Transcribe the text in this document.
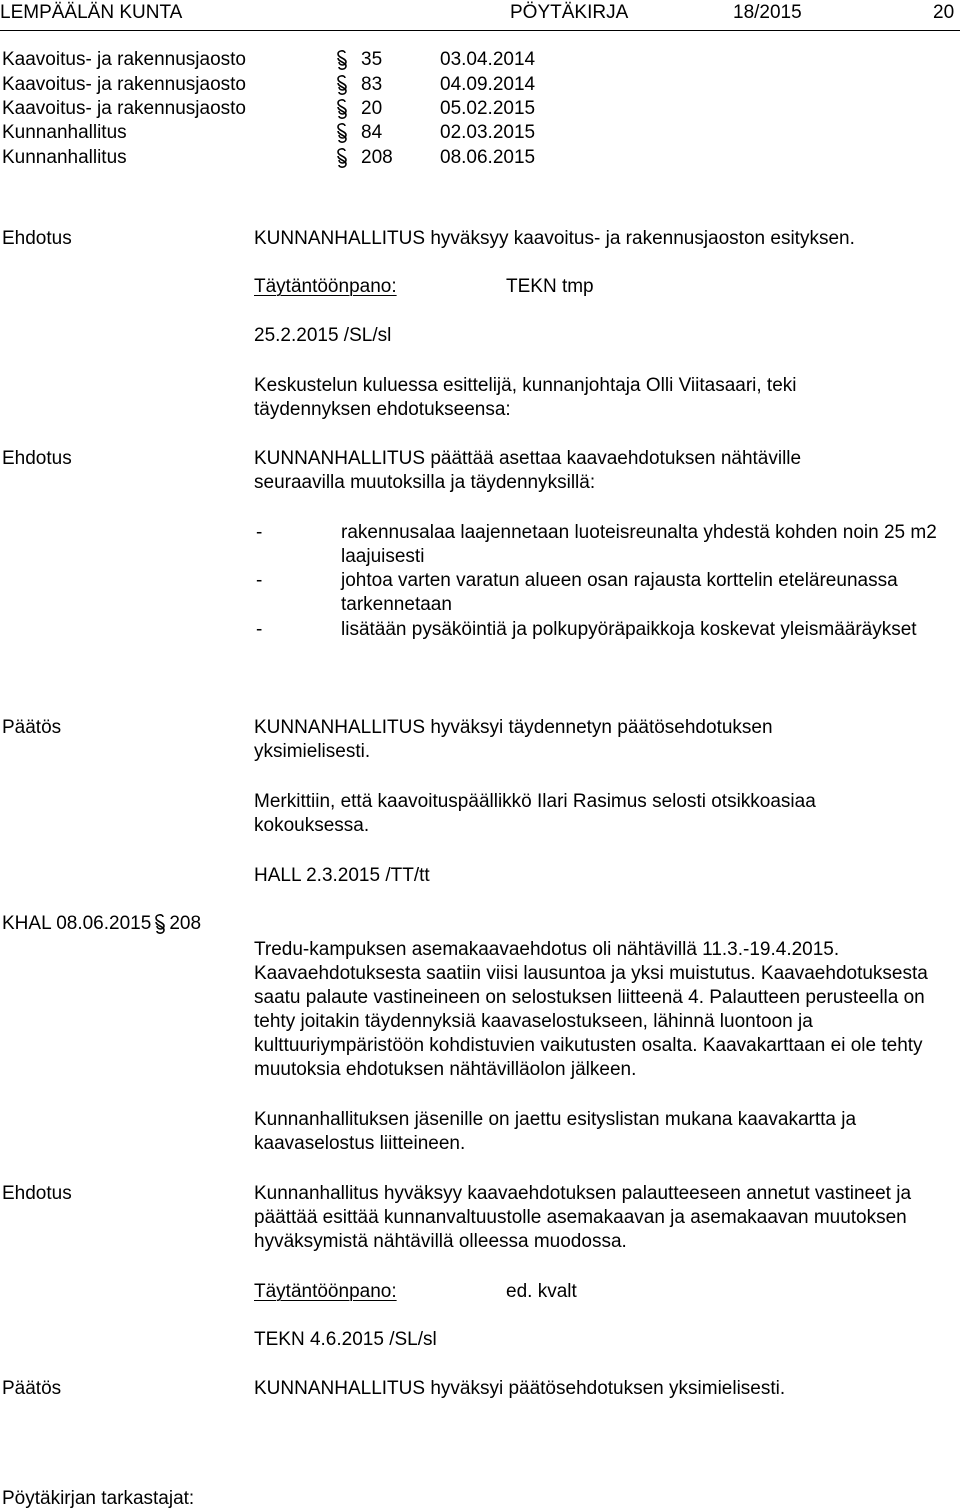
LEMPÄÄLÄN KUNTA	PÖYTÄKIRJA	18/2015	20
Kaavoitus- ja rakennusjaosto	35	03.04.2014
Kaavoitus- ja rakennusjaosto	83	04.09.2014
Kaavoitus- ja rakennusjaosto	20	05.02.2015
Kunnanhallitus	84	02.03.2015
Kunnanhallitus	208 08.06.2015
Ehdotus	KUNNANHALLITUS hyväksyy kaavoitus- ja rakennusjaoston esityksen.
Täytäntöönpano:	TEKN tmp
25.2.2015 /SL/sl
Keskustelun kuluessa esittelijä, kunnanjohtaja Olli Viitasaari, teki täydennyksen ehdotukseensa:
Ehdotus	KUNNANHALLITUS päättää asettaa kaavaehdotuksen nähtäville seuraavilla muutoksilla ja täydennyksillä:
-	rakennusalaa laajennetaan luoteisreunalta yhdestä kohden noin 25 m2 laajuisesti
-	johtoa varten varatun alueen osan rajausta korttelin eteläreunassa tarkennetaan
-	lisätään pysäköintiä ja polkupyöräpaikkoja koskevat yleismääräykset
Päätös	KUNNANHALLITUS hyväksyi täydennetyn päätösehdotuksen yksimielisesti.
Merkittiin, että kaavoituspäällikkö Ilari Rasimus selosti otsikkoasiaa kokouksessa.
HALL 2.3.2015 /TT/tt
KHAL 08.06.2015 208
Tredu-kampuksen asemakaavaehdotus oli nähtävillä 11.3.-19.4.2015. Kaavaehdotuksesta saatiin viisi lausuntoa ja yksi muistutus. Kaavaehdotuksesta saatu palaute vastineineen on selostuksen liitteenä 4. Palautteen perusteella on tehty joitakin täydennyksiä kaavaselostukseen, lähinnä luontoon ja kulttuuriympäristöön kohdistuvien vaikutusten osalta. Kaavakarttaan ei ole tehty muutoksia ehdotuksen nähtävilläolon jälkeen.
Kunnanhallituksen jäsenille on jaettu esityslistan mukana kaavakartta ja kaavaselostus liitteineen.
Ehdotus	Kunnanhallitus hyväksyy kaavaehdotuksen palautteeseen annetut vastineet ja päättää esittää kunnanvaltuustolle asemakaavan ja asemakaavan muutoksen hyväksymistä nähtävillä olleessa muodossa.
Täytäntöönpano:	ed. kvalt
TEKN 4.6.2015 /SL/sl
Päätös	KUNNANHALLITUS hyväksyi päätösehdotuksen yksimielisesti.
Pöytäkirjan tarkastajat:
